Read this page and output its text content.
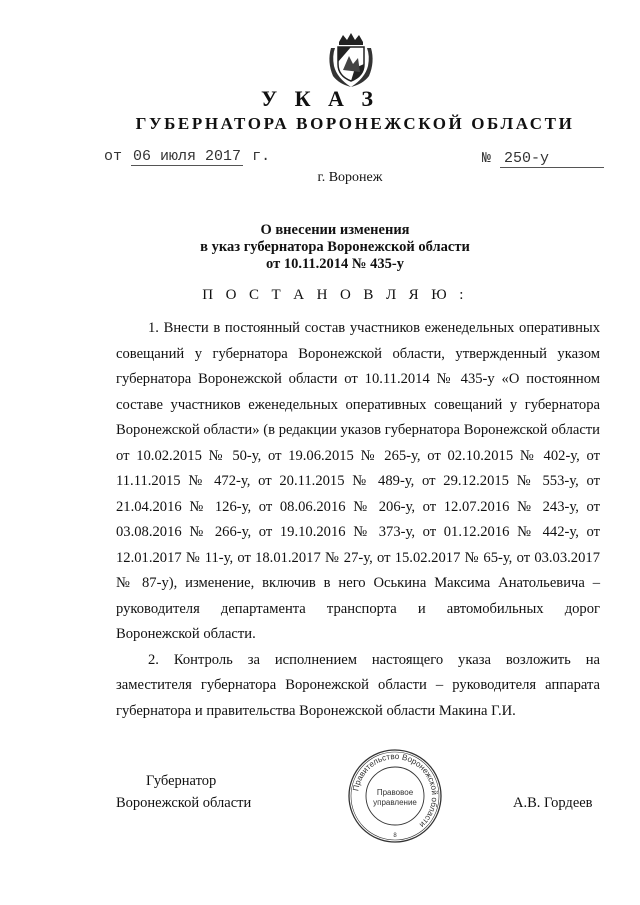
У К А З
ГУБЕРНАТОРА ВОРОНЕЖСКОЙ ОБЛАСТИ
от 06 июля 2017 г.	№ 250-у
г. Воронеж
О внесении изменения
в указ губернатора Воронежской области
от 10.11.2014 № 435-у
П О С Т А Н О В Л Я Ю :

1. Внести в постоянный состав участников еженедельных оперативных совещаний у губернатора Воронежской области, утвержденный указом губернатора Воронежской области от 10.11.2014 № 435-у «О постоянном составе участников еженедельных оперативных совещаний у губернатора Воронежской области» (в редакции указов губернатора Воронежской области от 10.02.2015 № 50-у, от 19.06.2015 № 265-у, от 02.10.2015 № 402-у, от 11.11.2015 № 472-у, от 20.11.2015 № 489-у, от 29.12.2015 № 553-у, от 21.04.2016 № 126-у, от 08.06.2016 № 206-у, от 12.07.2016 № 243-у, от 03.08.2016 № 266-у, от 19.10.2016 № 373-у, от 01.12.2016 № 442-у, от 12.01.2017 № 11-у, от 18.01.2017 № 27-у, от 15.02.2017 № 65-у, от 03.03.2017 № 87-у), изменение, включив в него Оськина Максима Анатольевича – руководителя департамента транспорта и автомобильных дорог Воронежской области.

2. Контроль за исполнением настоящего указа возложить на заместителя губернатора Воронежской области – руководителя аппарата губернатора и правительства Воронежской области Макина Г.И.

Губернатор
Воронежской области
Правительство Воронежской области
Правовое
управление
8
А.В. Гордеев
